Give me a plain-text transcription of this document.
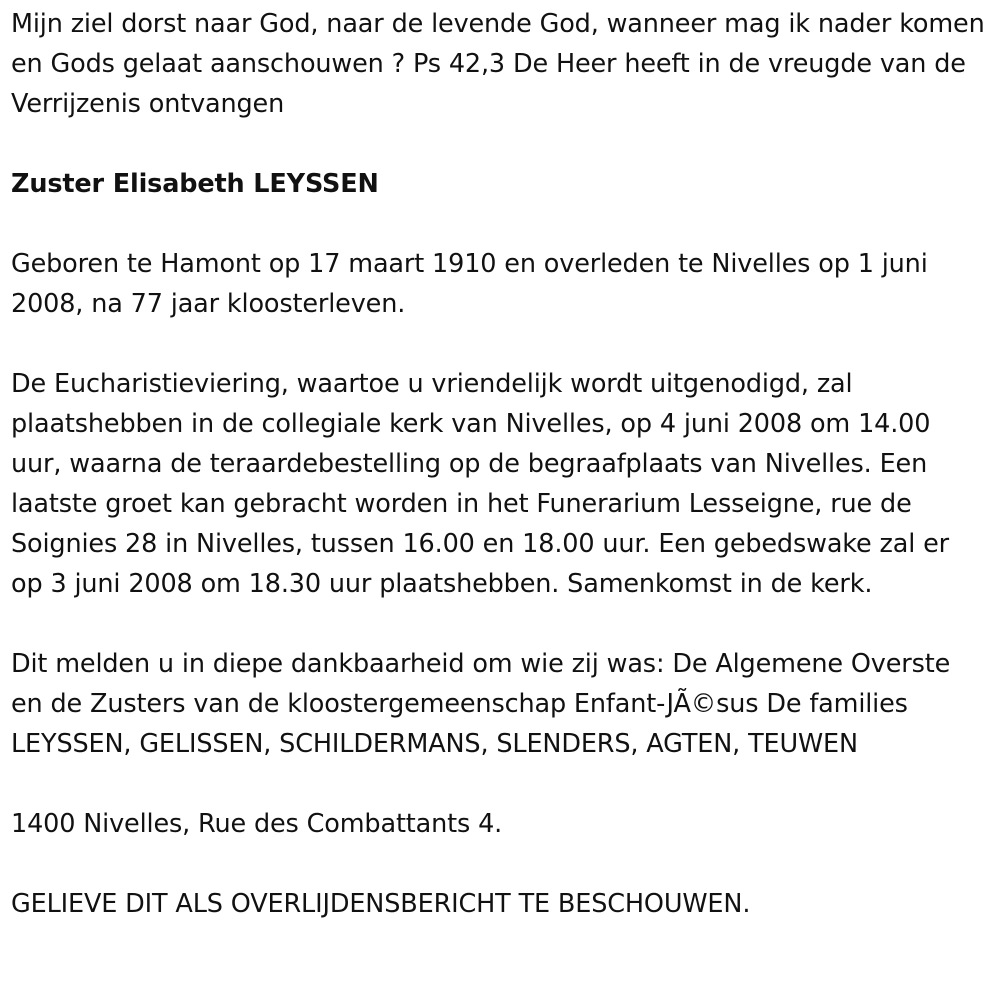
Mijn ziel dorst naar God, naar de levende God, wanneer mag ik nader komen en Gods gelaat aanschouwen ? Ps 42,3 De Heer heeft in de vreugde van de Verrijzenis ontvangen

Zuster Elisabeth LEYSSEN

Geboren te Hamont op 17 maart 1910 en overleden te Nivelles op 1 juni 2008, na 77 jaar kloosterleven.

De Eucharistieviering, waartoe u vriendelijk wordt uitgenodigd, zal plaatshebben in de collegiale kerk van Nivelles, op 4 juni 2008 om 14.00 uur, waarna de teraardebestelling op de begraafplaats van Nivelles. Een laatste groet kan gebracht worden in het Funerarium Lesseigne, rue de Soignies 28 in Nivelles, tussen 16.00 en 18.00 uur. Een gebedswake zal er op 3 juni 2008 om 18.30 uur plaatshebben. Samenkomst in de kerk.

Dit melden u in diepe dankbaarheid om wie zij was: De Algemene Overste en de Zusters van de kloostergemeenschap Enfant-JÃ©sus De families LEYSSEN, GELISSEN, SCHILDERMANS, SLENDERS, AGTEN, TEUWEN

1400 Nivelles, Rue des Combattants 4.

GELIEVE DIT ALS OVERLIJDENSBERICHT TE BESCHOUWEN.
